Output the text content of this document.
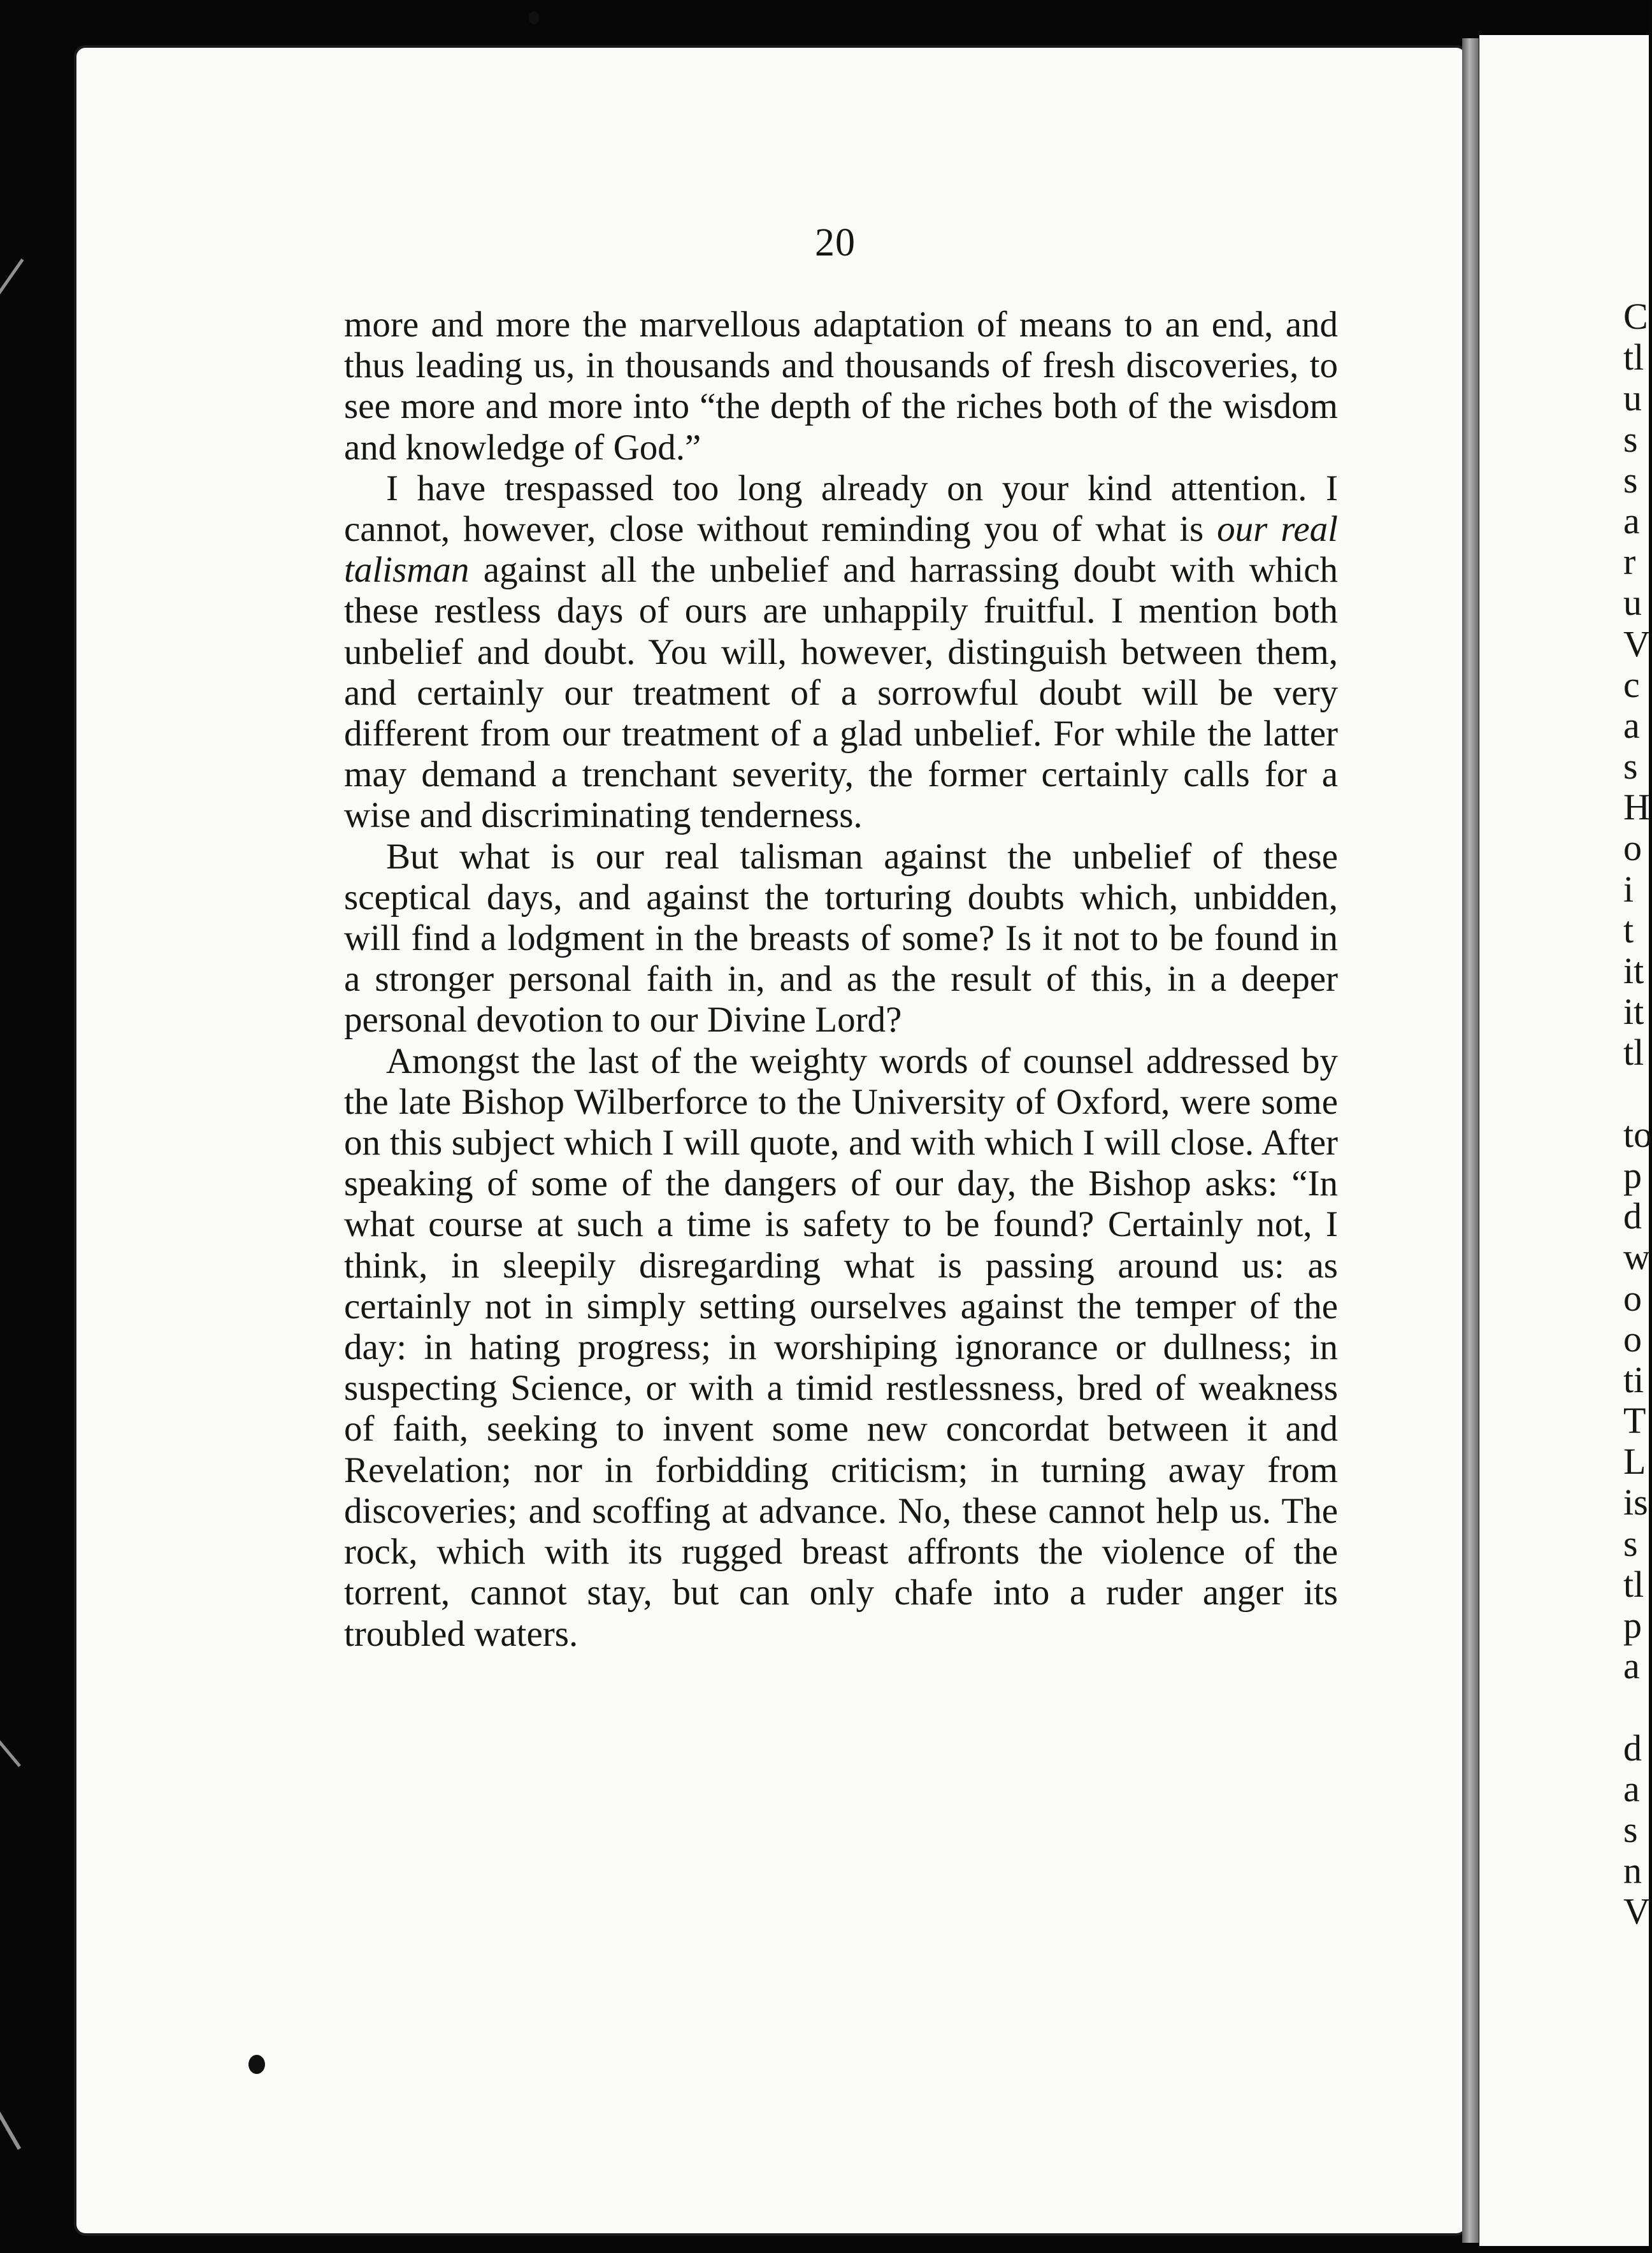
20

more and more the marvellous adaptation of means to an end, and thus leading us, in thousands and thousands of fresh discoveries, to see more and more into “the depth of the riches both of the wisdom and knowledge of God.”

I have trespassed too long already on your kind attention. I cannot, however, close without reminding you of what is our real talisman against all the unbelief and harrassing doubt with which these restless days of ours are unhappily fruitful. I mention both unbelief and doubt. You will, however, distinguish between them, and certainly our treatment of a sorrowful doubt will be very different from our treatment of a glad unbelief. For while the latter may demand a trenchant severity, the former certainly calls for a wise and discriminating tenderness.

But what is our real talisman against the unbelief of these sceptical days, and against the torturing doubts which, unbidden, will find a lodgment in the breasts of some? Is it not to be found in a stronger personal faith in, and as the result of this, in a deeper personal devotion to our Divine Lord?

Amongst the last of the weighty words of counsel addressed by the late Bishop Wilberforce to the University of Oxford, were some on this subject which I will quote, and with which I will close. After speaking of some of the dangers of our day, the Bishop asks: “In what course at such a time is safety to be found? Certainly not, I think, in sleepily disregarding what is passing around us: as certainly not in simply setting ourselves against the temper of the day: in hating progress; in worshiping ignorance or dullness; in suspecting Science, or with a timid restlessness, bred of weakness of faith, seeking to invent some new concordat between it and Revelation; nor in forbidding criticism; in turning away from discoveries; and scoffing at advance. No, these cannot help us. The rock, which with its rugged breast affronts the violence of the torrent, cannot stay, but can only chafe into a ruder anger its troubled waters.

C
tl
u
s
s
a
r
u
V
c
a
s
H
o
i
t
it
it
tl
to
p
d
w
o
o
ti
T
L
is
s
tl
p
a
d
a
s
n
V
